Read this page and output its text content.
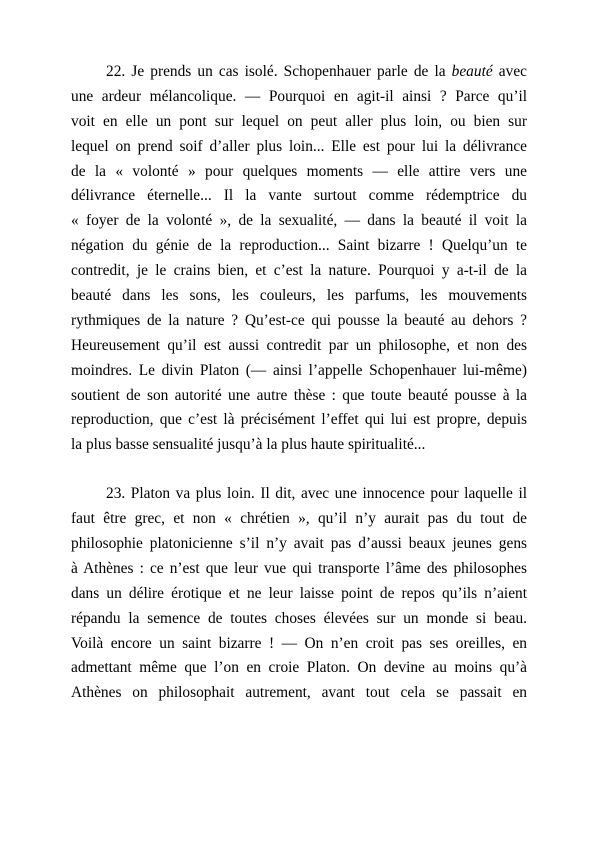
22. Je prends un cas isolé. Schopenhauer parle de la beauté avec
une ardeur mélancolique. — Pourquoi en agit-il ainsi ? Parce qu’il
voit en elle un pont sur lequel on peut aller plus loin, ou bien sur
lequel on prend soif d’aller plus loin... Elle est pour lui la délivrance
de la « volonté » pour quelques moments — elle attire vers une
délivrance éternelle... Il la vante surtout comme rédemptrice du
« foyer de la volonté », de la sexualité, — dans la beauté il voit la
négation du génie de la reproduction... Saint bizarre ! Quelqu’un te
contredit, je le crains bien, et c’est la nature. Pourquoi y a-t-il de la
beauté dans les sons, les couleurs, les parfums, les mouvements
rythmiques de la nature ? Qu’est-ce qui pousse la beauté au dehors ?
Heureusement qu’il est aussi contredit par un philosophe, et non des
moindres. Le divin Platon (— ainsi l’appelle Schopenhauer lui-même)
soutient de son autorité une autre thèse : que toute beauté pousse à la
reproduction, que c’est là précisément l’effet qui lui est propre, depuis
la plus basse sensualité jusqu’à la plus haute spiritualité...
23. Platon va plus loin. Il dit, avec une innocence pour laquelle il
faut être grec, et non « chrétien », qu’il n’y aurait pas du tout de
philosophie platonicienne s’il n’y avait pas d’aussi beaux jeunes gens
à Athènes : ce n’est que leur vue qui transporte l’âme des philosophes
dans un délire érotique et ne leur laisse point de repos qu’ils n’aient
répandu la semence de toutes choses élevées sur un monde si beau.
Voilà encore un saint bizarre ! — On n’en croit pas ses oreilles, en
admettant même que l’on en croie Platon. On devine au moins qu’à
Athènes on philosophait autrement, avant tout cela se passait en
